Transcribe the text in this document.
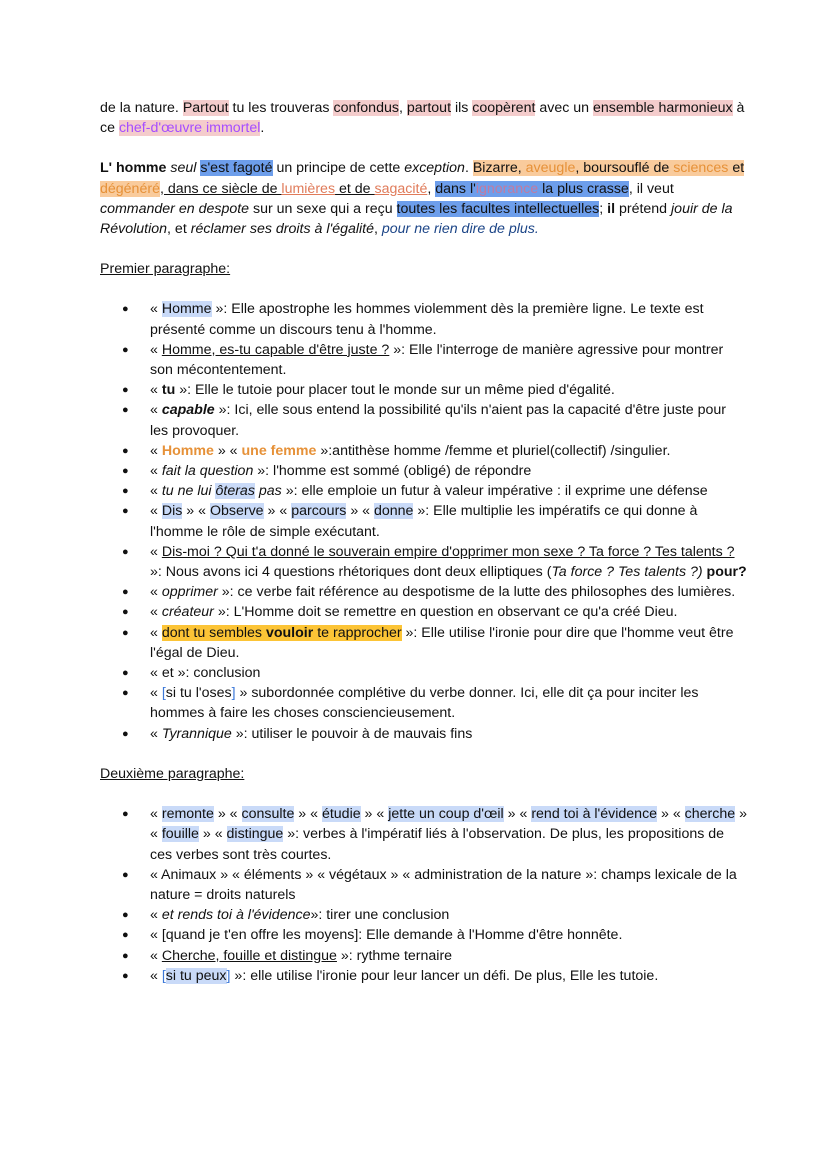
de la nature. Partout tu les trouveras confondus, partout ils coopèrent avec un ensemble harmonieux à ce chef-d'œuvre immortel.

L' homme seul s'est fagoté un principe de cette exception. Bizarre, aveugle, boursouflé de sciences et dégénéré, dans ce siècle de lumières et de sagacité, dans l'ignorance la plus crasse, il veut commander en despote sur un sexe qui a reçu toutes les facultes intellectuelles; il prétend jouir de la Révolution, et réclamer ses droits à l'égalité, pour ne rien dire de plus.

Premier paragraphe:

● « Homme »: Elle apostrophe les hommes violemment dès la première ligne. Le texte est présenté comme un discours tenu à l'homme.
● « Homme, es-tu capable d'être juste ? »: Elle l'interroge de manière agressive pour montrer son mécontentement.
● « tu »: Elle le tutoie pour placer tout le monde sur un même pied d'égalité.
● « capable »: Ici, elle sous entend la possibilité qu'ils n'aient pas la capacité d'être juste pour les provoquer.
● « Homme » « une femme »:antithèse homme /femme et pluriel(collectif) /singulier.
● « fait la question »: l'homme est sommé (obligé) de répondre
● « tu ne lui ôteras pas »: elle emploie un futur à valeur impérative : il exprime une défense
● « Dis » « Observe » « parcours » « donne »: Elle multiplie les impératifs ce qui donne à l'homme le rôle de simple exécutant.
● « Dis-moi ? Qui t'a donné le souverain empire d'opprimer mon sexe ? Ta force ? Tes talents ? »: Nous avons ici 4 questions rhétoriques dont deux elliptiques (Ta force ? Tes talents ?) pour?
● « opprimer »: ce verbe fait référence au despotisme de la lutte des philosophes des lumières.
● « créateur »: L'Homme doit se remettre en question en observant ce qu'a créé Dieu.
● « dont tu sembles vouloir te rapprocher »: Elle utilise l'ironie pour dire que l'homme veut être l'égal de Dieu.
● « et »: conclusion
● « [si tu l'oses] » subordonnée complétive du verbe donner. Ici, elle dit ça pour inciter les hommes à faire les choses consciencieusement.
● « Tyrannique »: utiliser le pouvoir à de mauvais fins

Deuxième paragraphe:

● « remonte » « consulte » « étudie » « jette un coup d'œil » « rend toi à l'évidence » « cherche » « fouille » « distingue »: verbes à l'impératif liés à l'observation. De plus, les propositions de ces verbes sont très courtes.
● « Animaux » « éléments » « végétaux » « administration de la nature »: champs lexicale de la nature = droits naturels
● « et rends toi à l'évidence»: tirer une conclusion
● « [quand je t'en offre les moyens]: Elle demande à l'Homme d'être honnête.
● « Cherche, fouille et distingue »: rythme ternaire
● « [si tu peux] »: elle utilise l'ironie pour leur lancer un défi. De plus, Elle les tutoie.
